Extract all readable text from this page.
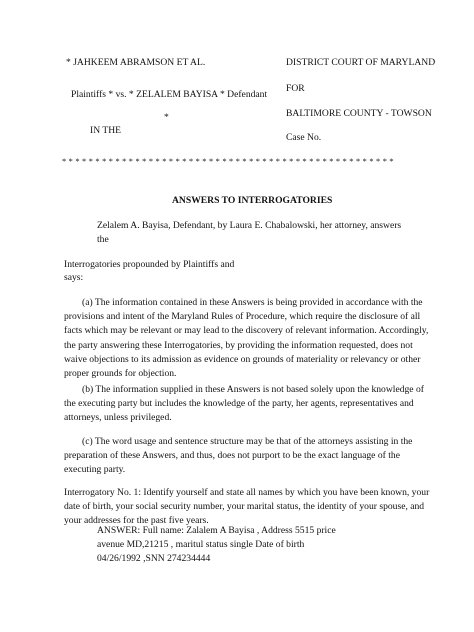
* JAHKEEM ABRAMSON ET AL.
Plaintiffs * vs. * ZELALEM BAYISA * Defendant
*
IN THE
DISTRICT COURT OF MARYLAND
FOR
BALTIMORE COUNTY - TOWSON
Case No.
* * * * * * * * * * * * * * * * * * * * * * * * * * * * * * * * * * * * * * * * * * * * * * * * * *
ANSWERS TO INTERROGATORIES
Zelalem A. Bayisa, Defendant, by Laura E. Chabalowski, her attorney, answers
the
Interrogatories propounded by Plaintiffs and
says:
(a) The information contained in these Answers is being provided in accordance with the provisions and intent of the Maryland Rules of Procedure, which require the disclosure of all facts which may be relevant or may lead to the discovery of relevant information. Accordingly, the party answering these Interrogatories, by providing the information requested, does not waive objections to its admission as evidence on grounds of materiality or relevancy or other proper grounds for objection.
(b) The information supplied in these Answers is not based solely upon the knowledge of the executing party but includes the knowledge of the party, her agents, representatives and attorneys, unless privileged.
(c) The word usage and sentence structure may be that of the attorneys assisting in the preparation of these Answers, and thus, does not purport to be the exact language of the executing party.
Interrogatory No. 1: Identify yourself and state all names by which you have been known, your date of birth, your social security number, your marital status, the identity of your spouse, and your addresses for the past five years.
ANSWER: Full name: Zalalem A Bayisa , Address 5515 price avenue MD,21215 , maritul status single Date of birth 04/26/1992 ,SNN 274234444
